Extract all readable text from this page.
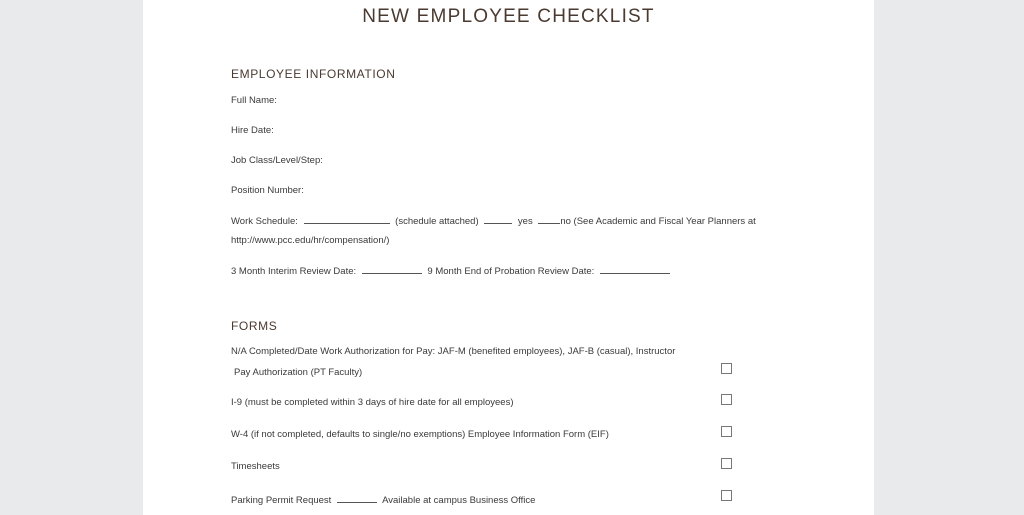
NEW EMPLOYEE CHECKLIST
EMPLOYEE INFORMATION
Full Name:
Hire Date:
Job Class/Level/Step:
Position Number:
Work Schedule:	(schedule attached)	yes	no (See Academic and Fiscal Year Planners at
http://www.pcc.edu/hr/compensation/)
3 Month Interim Review Date:	9 Month End of Probation Review Date:
FORMS
N/A Completed/Date Work Authorization for Pay: JAF-M (benefited employees), JAF-B (casual), Instructor
Pay Authorization (PT Faculty)
I-9 (must be completed within 3 days of hire date for all employees)
W-4 (if not completed, defaults to single/no exemptions) Employee Information Form (EIF)
Timesheets
Parking Permit Request	Available at campus Business Office
